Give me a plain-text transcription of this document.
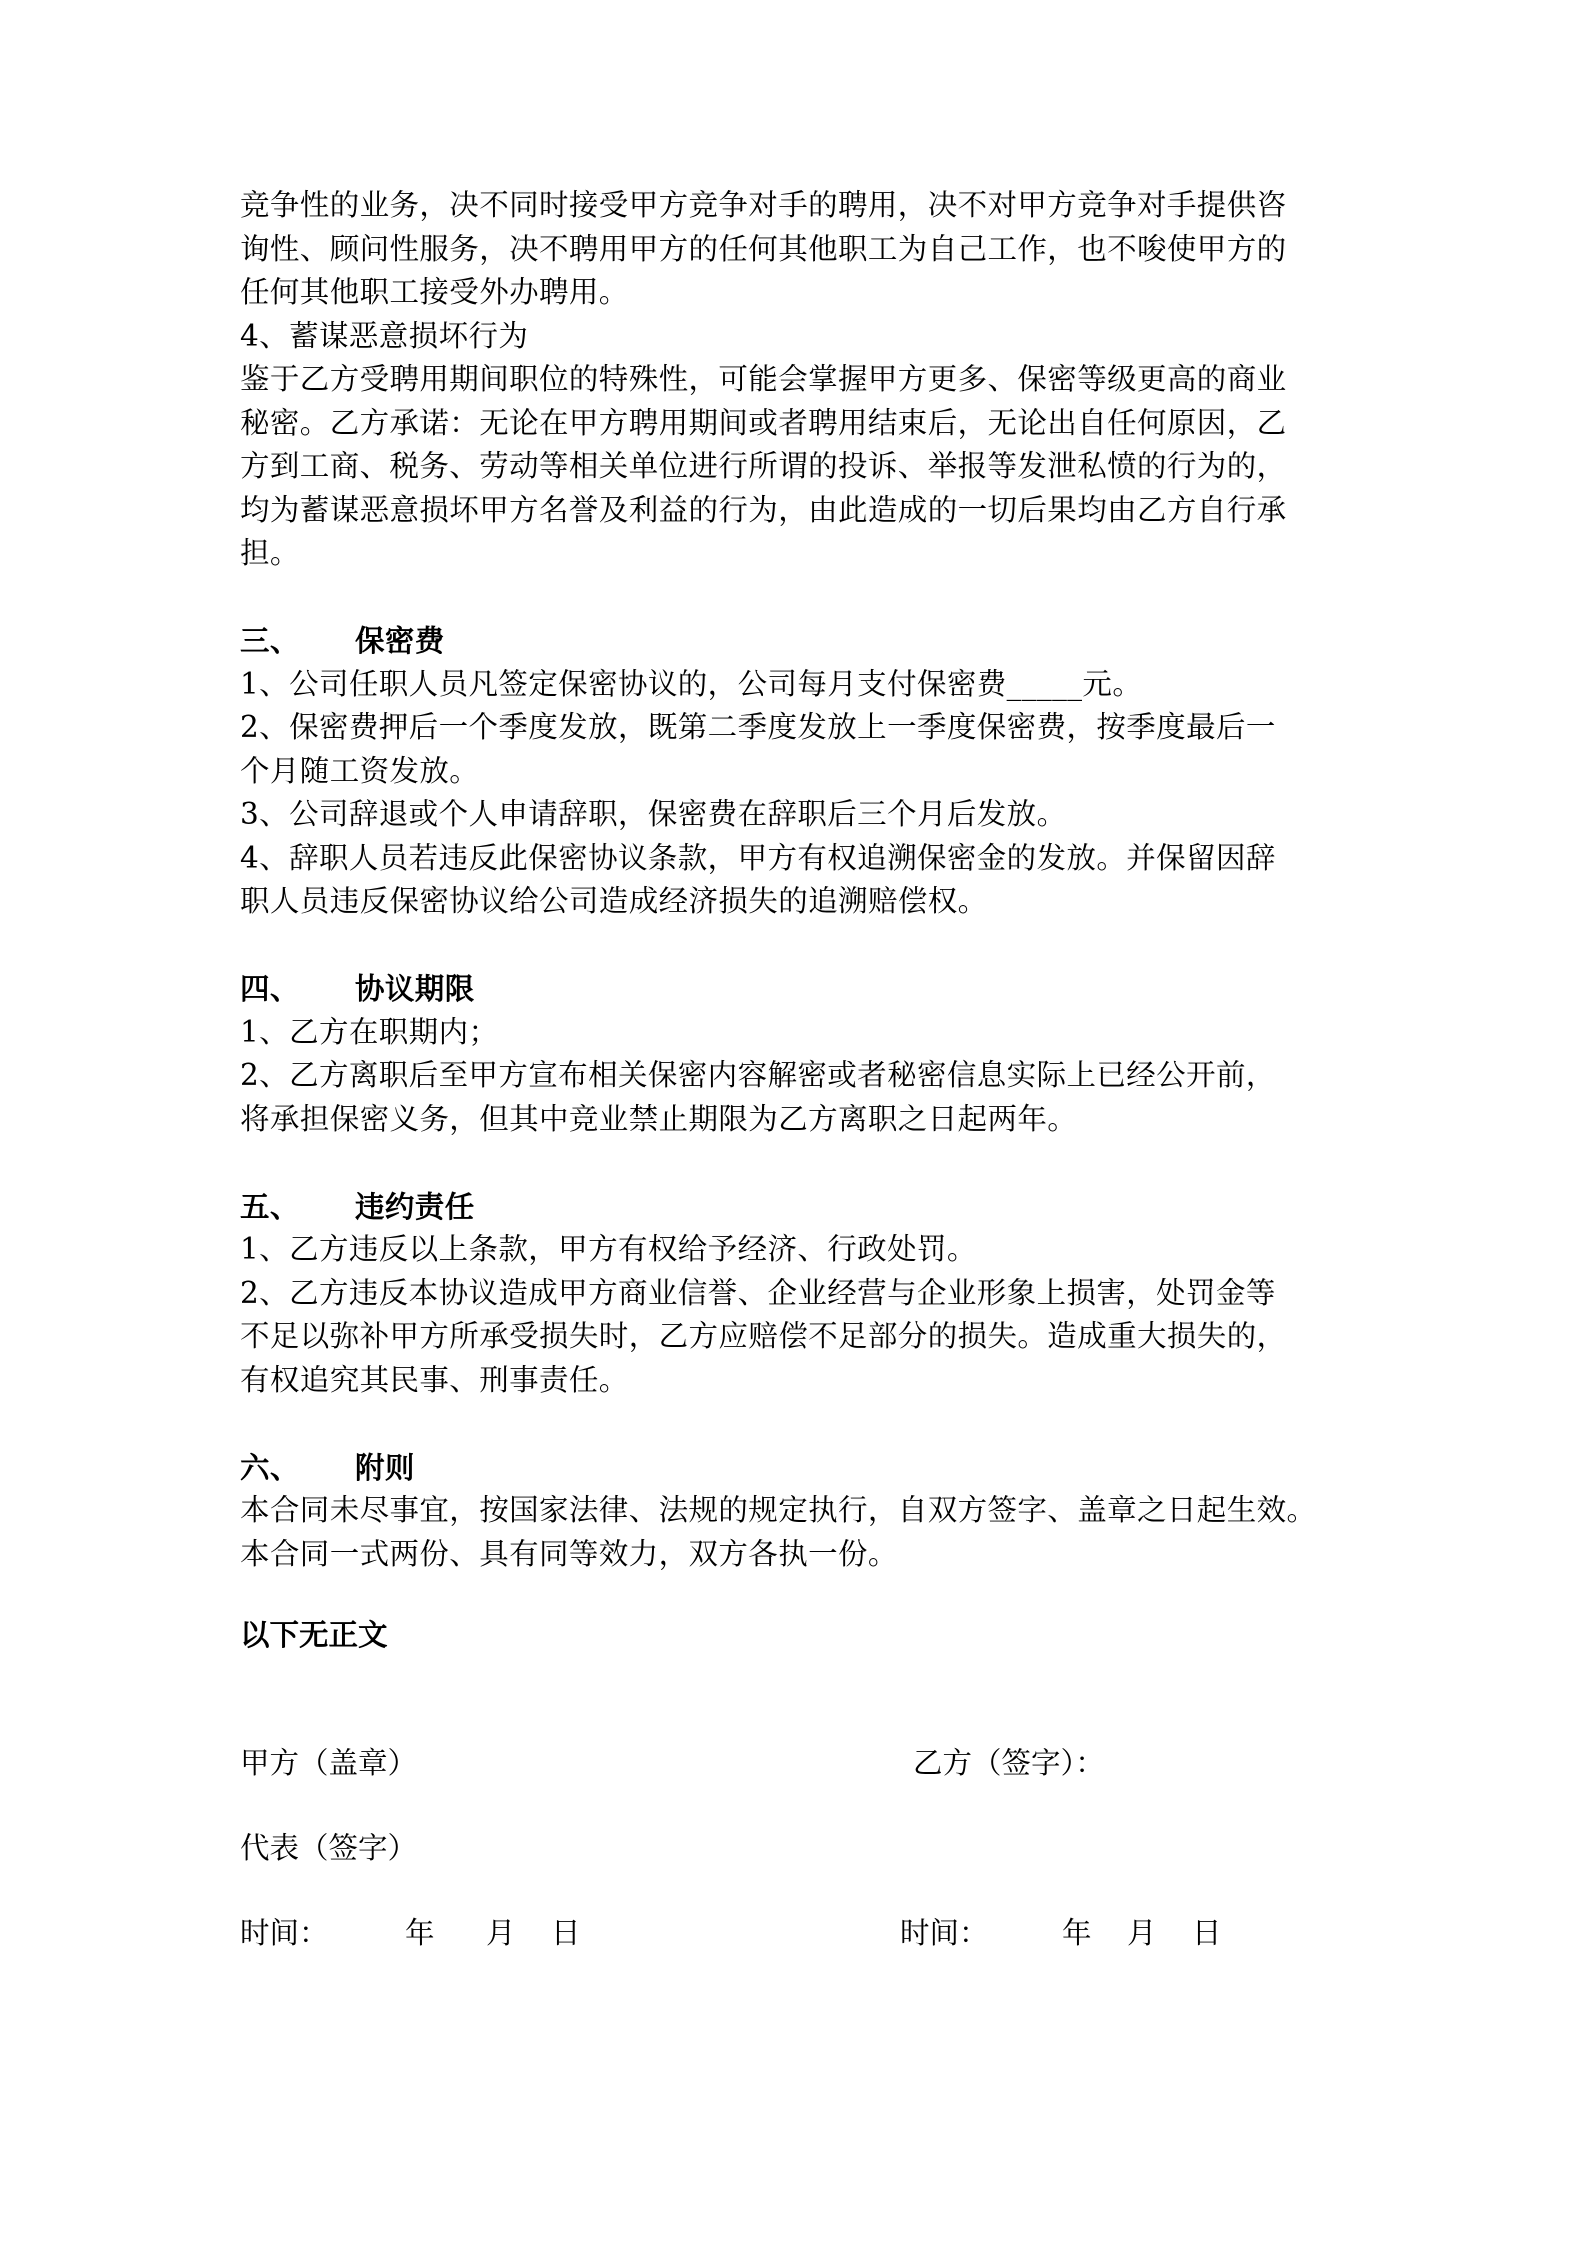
竞争性的业务，决不同时接受甲方竞争对手的聘用，决不对甲方竞争对手提供咨
询性、顾问性服务，决不聘用甲方的任何其他职工为自己工作，也不唆使甲方的
任何其他职工接受外办聘用。
4、蓄谋恶意损坏行为
鉴于乙方受聘用期间职位的特殊性，可能会掌握甲方更多、保密等级更高的商业
秘密。乙方承诺：无论在甲方聘用期间或者聘用结束后，无论出自任何原因，乙
方到工商、税务、劳动等相关单位进行所谓的投诉、举报等发泄私愤的行为的，
均为蓄谋恶意损坏甲方名誉及利益的行为，由此造成的一切后果均由乙方自行承
担。
三、 保密费
1、公司任职人员凡签定保密协议的，公司每月支付保密费_____元。
2、保密费押后一个季度发放，既第二季度发放上一季度保密费，按季度最后一
个月随工资发放。
3、公司辞退或个人申请辞职，保密费在辞职后三个月后发放。
4、辞职人员若违反此保密协议条款，甲方有权追溯保密金的发放。并保留因辞
职人员违反保密协议给公司造成经济损失的追溯赔偿权。
四、 协议期限
1、乙方在职期内；
2、乙方离职后至甲方宣布相关保密内容解密或者秘密信息实际上已经公开前，
将承担保密义务，但其中竞业禁止期限为乙方离职之日起两年。
五、 违约责任
1、乙方违反以上条款，甲方有权给予经济、行政处罚。
2、乙方违反本协议造成甲方商业信誉、企业经营与企业形象上损害，处罚金等
不足以弥补甲方所承受损失时，乙方应赔偿不足部分的损失。造成重大损失的，
有权追究其民事、刑事责任。
六、 附则
本合同未尽事宜，按国家法律、法规的规定执行，自双方签字、盖章之日起生效。
本合同一式两份、具有同等效力，双方各执一份。
以下无正文
甲方（盖章）	乙方（签字）：
代表（签字）
时间：	年 月 日	时间： 年 月 日
